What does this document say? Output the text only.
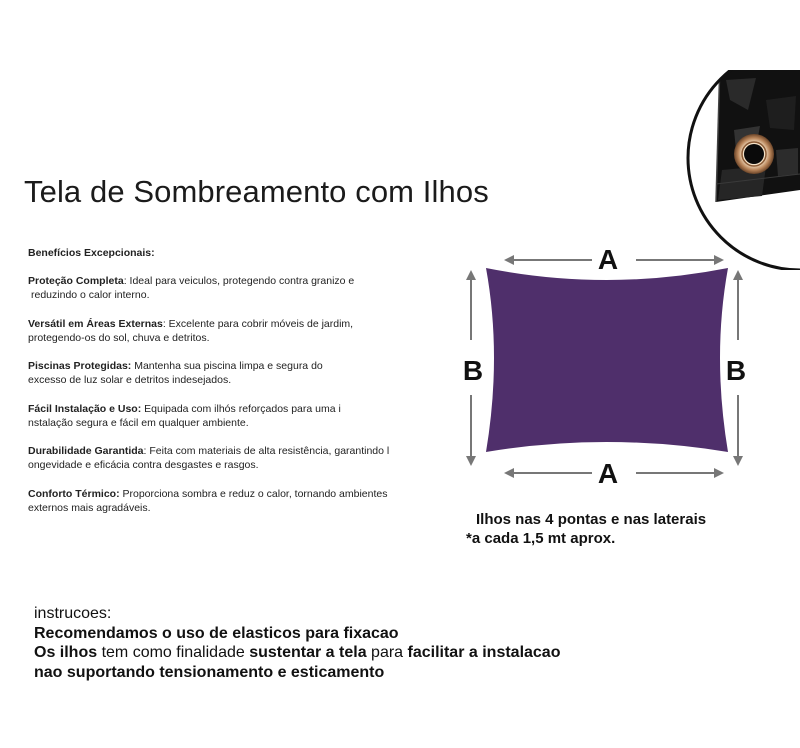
Tela de Sombreamento com Ilhos
Benefícios Excepcionais:
Proteção Completa: Ideal para veiculos, protegendo contra granizo e
reduzindo o calor interno.
Versátil em Áreas Externas: Excelente para cobrir móveis de jardim,
protegendo-os do sol, chuva e detritos.
Piscinas Protegidas: Mantenha sua piscina limpa e segura do
excesso de luz solar e detritos indesejados.
Fácil Instalação e Uso: Equipada com ilhós reforçados para uma i
nstalação segura e fácil em qualquer ambiente.
Durabilidade Garantida: Feita com materiais de alta resistência, garantindo l
ongevidade e eficácia contra desgastes e rasgos.
Conforto Térmico: Proporciona sombra e reduz o calor, tornando ambientes
externos mais agradáveis.
A
A
B	B
Ilhos nas 4 pontas e nas laterais
*a cada 1,5 mt aprox.
instrucoes:
Recomendamos o uso de elasticos para fixacao
Os ilhos tem como finalidade sustentar a tela para facilitar a instalacao
nao suportando tensionamento e esticamento
